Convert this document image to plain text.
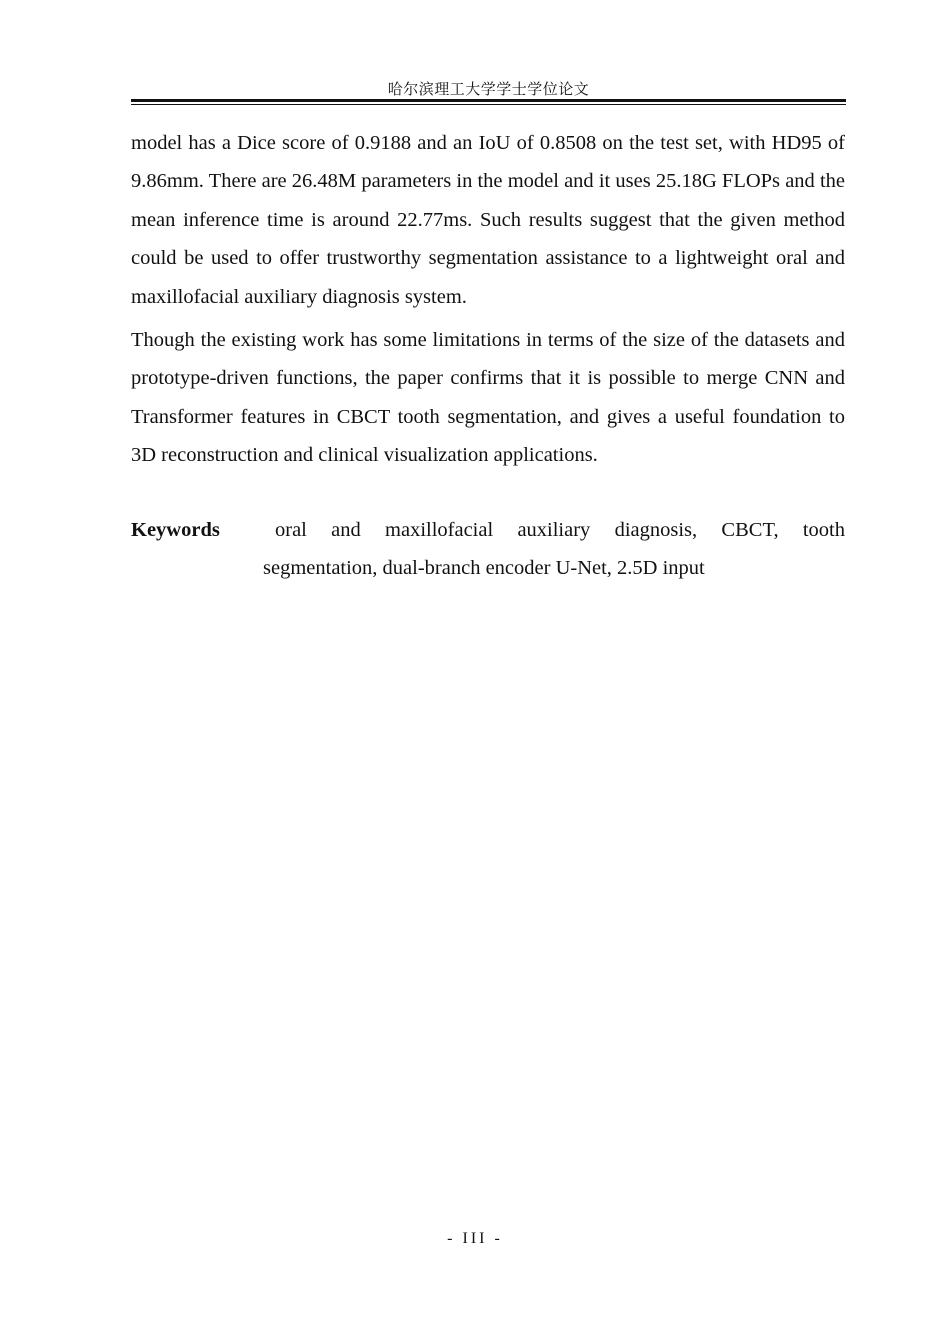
哈尔滨理工大学学士学位论文

model has a Dice score of 0.9188 and an IoU of 0.8508 on the test set, with HD95 of 9.86mm. There are 26.48M parameters in the model and it uses 25.18G FLOPs and the mean inference time is around 22.77ms. Such results suggest that the given method could be used to offer trustworthy segmentation assistance to a lightweight oral and maxillofacial auxiliary diagnosis system.

Though the existing work has some limitations in terms of the size of the datasets and prototype-driven functions, the paper confirms that it is possible to merge CNN and Transformer features in CBCT tooth segmentation, and gives a useful foundation to 3D reconstruction and clinical visualization applications.

Keywords	oral and maxillofacial auxiliary diagnosis, CBCT, tooth segmentation, dual-branch encoder U-Net, 2.5D input
- III -
